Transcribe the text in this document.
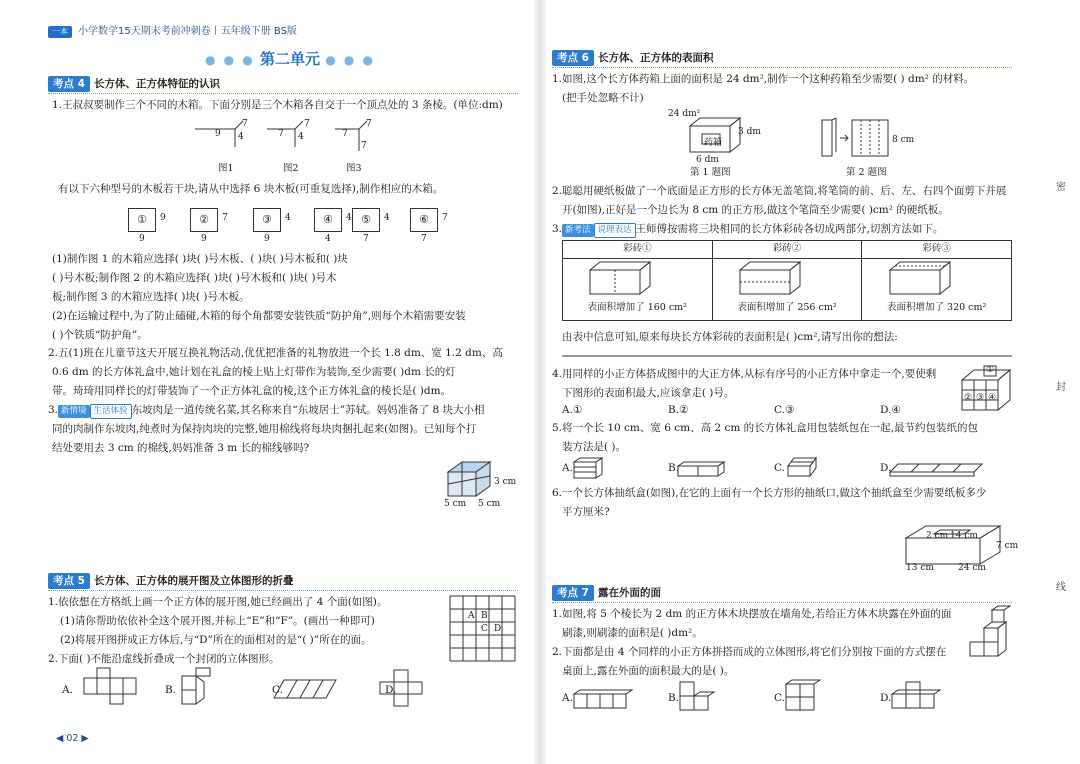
一本	小学数学15天期末考前冲刺卷丨五年级下册 BS版
● ● ● 第二单元 ● ● ●
考点 4 长方体、正方体特征的认识
1.王叔叔要制作三个不同的木箱。下面分别是三个木箱各自交于一个顶点处的 3 条棱。(单位:dm)
9 4
7
7 4
7
7
7
7
图1	图2	图3
有以下六种型号的木板若干块,请从中选择 6 块木板(可重复选择),制作相应的木箱。
①	9
9
②	7
9
③	4
9
④	4
4
⑤	4
7
⑥	7
7
(1)制作图 1 的木箱应选择( )块( )号木板、( )块( )号木板和( )块
( )号木板;制作图 2 的木箱应选择( )块( )号木板和( )块( )号木
板;制作图 3 的木箱应选择( )块( )号木板。
(2)在运输过程中,为了防止磕碰,木箱的每个角都要安装铁质“防护角”,则每个木箱需要安装
( )个铁质“防护角”。
2.五(1)班在儿童节这天开展互换礼物活动,优优把准备的礼物放进一个长 1.8 dm、宽 1.2 dm、高
0.6 dm 的长方体礼盒中,她计划在礼盒的棱上贴上灯带作为装饰,至少需要( )dm 长的灯
带。琦琦用同样长的灯带装饰了一个正方体礼盒的棱,这个正方体礼盒的棱长是( )dm。
3. 新情境 生活体验 东坡肉是一道传统名菜,其名称来自“东坡居士”苏轼。妈妈准备了 8 块大小相
同的肉制作东坡肉,纯煮时为保持肉块的完整,她用棉线将每块肉捆扎起来(如图)。已知每个打
结处要用去 3 cm 的棉线,妈妈准备 3 m 长的棉线够吗?
3 cm
5 cm 5 cm
考点 5 长方体、正方体的展开图及立体图形的折叠
1.依依想在方格纸上画一个正方体的展开图,她已经画出了 4 个面(如图)。
(1)请你帮助依依补全这个展开图,并标上“E”和“F”。(画出一种即可)
(2)将展开图拼成正方体后,与“D”所在的面相对的是“( )”所在的面。
A B
C D
2.下面( )不能沿虚线折叠成一个封闭的立体图形。
A.	B.	C.	D.
◀ 02 ▶
考点 6 长方体、正方体的表面积
1.如图,这个长方体药箱上面的面积是 24 dm²,制作一个这种药箱至少需要( ) dm² 的材料。
(把手处忽略不计)
24 dm²
药箱
3 dm
6 dm
第 1 题图
8 cm
第 2 题图
2.聪聪用硬纸板做了一个底面是正方形的长方体无盖笔筒,将笔筒的前、后、左、右四个面剪下并展
开(如图),正好是一个边长为 8 cm 的正方形,做这个笔筒至少需要( )cm² 的硬纸板。
3. 新考法 说理表达 王师傅按需将三块相同的长方体彩砖各切成两部分,切割方法如下。
彩砖①	彩砖②	彩砖③
表面积增加了 160 cm²	表面积增加了 256 cm²	表面积增加了 320 cm²
由表中信息可知,原来每块长方体彩砖的表面积是( )cm²,请写出你的想法:
4.用同样的小正方体搭成图中的大正方体,从标有序号的小正方体中拿走一个,要使剩
下图形的表面积最大,应该拿走( )号。
①
② ③ ④
A.①	B.②	C.③	D.④
5.将一个长 10 cm、宽 6 cm、高 2 cm 的长方体礼盒用包装纸包在一起,最节约包装纸的包
装方法是( )。
A.	B.	C.	D.
6.一个长方体抽纸盒(如图),在它的上面有一个长方形的抽纸口,做这个抽纸盒至少需要纸板多少
平方厘米?
2 cm 14 cm
7 cm
13 cm	24 cm
考点 7 露在外面的面
1.如图,将 5 个棱长为 2 dm 的正方体木块摆放在墙角处,若给正方体木块露在外面的面
刷漆,则刷漆的面积是( )dm²。
2.下面都是由 4 个同样的小正方体拼搭而成的立体图形,将它们分别按下面的方式摆在
桌面上,露在外面的面积最大的是( )。
A.	B.	C.	D.
密
封
线
